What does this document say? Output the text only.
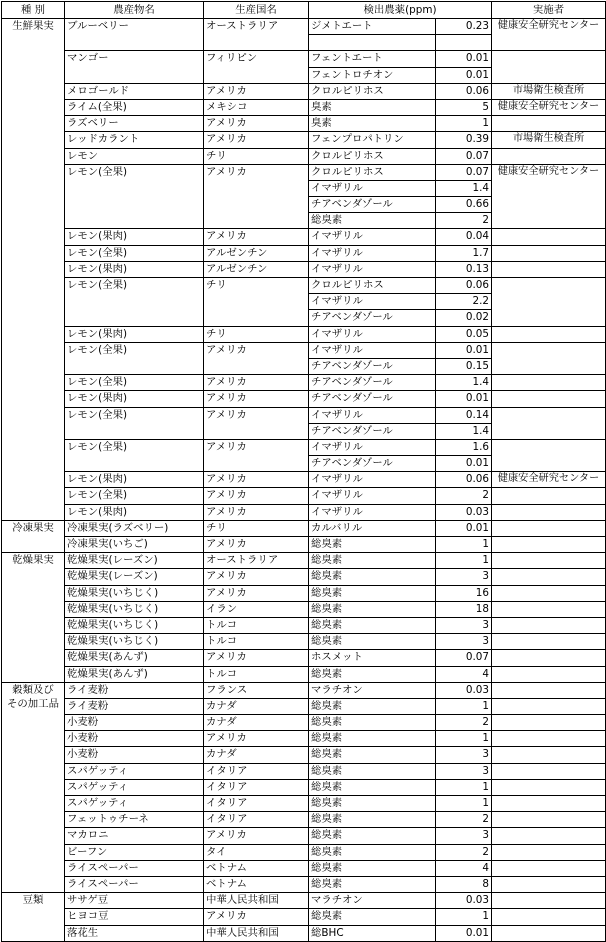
種 別	農産物名	生産国名	検出農薬(ppm)		実施者
生鮮果実	ブルーベリー	オーストラリア	ジメトエート	0.23	健康安全研究センター

	マンゴー	フィリピン	フェントエート	0.01	
			フェントロチオン	0.01	
	メロゴールド	アメリカ	クロルピリホス	0.06	市場衛生検査所
	ライム(全果)	メキシコ	臭素	5	健康安全研究センター
	ラズベリー	アメリカ	臭素	1	
	レッドカラント	アメリカ	フェンプロパトリン	0.39	市場衛生検査所
	レモン	チリ	クロルピリホス	0.07	
	レモン(全果)	アメリカ	クロルピリホス	0.07	健康安全研究センター
			イマザリル	1.4	
			チアベンダゾール	0.66	
			総臭素	2	
	レモン(果肉)	アメリカ	イマザリル	0.04	
	レモン(全果)	アルゼンチン	イマザリル	1.7	
	レモン(果肉)	アルゼンチン	イマザリル	0.13	
	レモン(全果)	チリ	クロルピリホス	0.06	
			イマザリル	2.2	
			チアベンダゾール	0.02	
	レモン(果肉)	チリ	イマザリル	0.05	
	レモン(全果)	アメリカ	イマザリル	0.01	
			チアベンダゾール	0.15	
	レモン(全果)	アメリカ	チアベンダゾール	1.4	
	レモン(果肉)	アメリカ	チアベンダゾール	0.01	
	レモン(全果)	アメリカ	イマザリル	0.14	
			チアベンダゾール	1.4	
	レモン(全果)	アメリカ	イマザリル	1.6	
			チアベンダゾール	0.01	
	レモン(果肉)	アメリカ	イマザリル	0.06	健康安全研究センター
	レモン(全果)	アメリカ	イマザリル	2	
	レモン(果肉)	アメリカ	イマザリル	0.03	
冷凍果実	冷凍果実(ラズベリー)	チリ	カルバリル	0.01	
	冷凍果実(いちご)	アメリカ	総臭素	1	
乾燥果実	乾燥果実(レーズン)	オーストラリア	総臭素	1	
	乾燥果実(レーズン)	アメリカ	総臭素	3	
	乾燥果実(いちじく)	アメリカ	総臭素	16	
	乾燥果実(いちじく)	イラン	総臭素	18	
	乾燥果実(いちじく)	トルコ	総臭素	3	
	乾燥果実(いちじく)	トルコ	総臭素	3	
	乾燥果実(あんず)	アメリカ	ホスメット	0.07	
	乾燥果実(あんず)	トルコ	総臭素	4	
穀類及び
その加工品	ライ麦粉	フランス	マラチオン	0.03	
	ライ麦粉	カナダ	総臭素	1	
	小麦粉	カナダ	総臭素	2	
	小麦粉	アメリカ	総臭素	1	
	小麦粉	カナダ	総臭素	3	
	スパゲッティ	イタリア	総臭素	3	
	スパゲッティ	イタリア	総臭素	1	
	スパゲッティ	イタリア	総臭素	1	
	フェットゥチーネ	イタリア	総臭素	2	
	マカロニ	アメリカ	総臭素	3	
	ビーフン	タイ	総臭素	2	
	ライスペーパー	ベトナム	総臭素	4	
	ライスペーパー	ベトナム	総臭素	8	
豆類	ササゲ豆	中華人民共和国	マラチオン	0.03	
	ヒヨコ豆	アメリカ	総臭素	1	
	落花生	中華人民共和国	総BHC	0.01	
